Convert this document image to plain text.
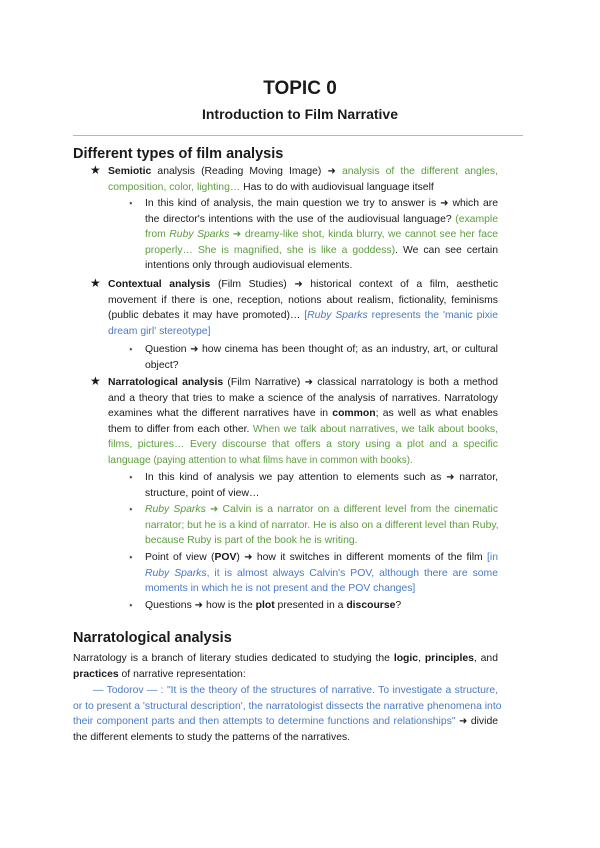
TOPIC 0
Introduction to Film Narrative
Different types of film analysis
★ Semiotic analysis (Reading Moving Image) ➜ analysis of the different angles,
composition, color, lighting… Has to do with audiovisual language itself
⋆ In this kind of analysis, the main question we try to answer is ➜ which are
the director's intentions with the use of the audiovisual language? (example
from Ruby Sparks ➜ dreamy-like shot, kinda blurry, we cannot see her face
properly… She is magnified, she is like a goddess). We can see certain
intentions only through audiovisual elements.
★ Contextual analysis (Film Studies) ➜ historical context of a film, aesthetic
movement if there is one, reception, notions about realism, fictionality, feminisms
(public debates it may have promoted)… [Ruby Sparks represents the 'manic pixie
dream girl' stereotype]
⋆ Question ➜ how cinema has been thought of; as an industry, art, or cultural
object?
★ Narratological analysis (Film Narrative) ➜ classical narratology is both a method
and a theory that tries to make a science of the analysis of narratives. Narratology
examines what the different narratives have in common; as well as what enables
them to differ from each other. When we talk about narratives, we talk about books,
films, pictures… Every discourse that offers a story using a plot and a specific
language (paying attention to what films have in common with books).
⋆ In this kind of analysis we pay attention to elements such as ➜ narrator,
structure, point of view…
⋆ Ruby Sparks ➜ Calvin is a narrator on a different level from the cinematic
narrator; but he is a kind of narrator. He is also on a different level than Ruby,
because Ruby is part of the book he is writing.
⋆ Point of view (POV) ➜ how it switches in different moments of the film [in
Ruby Sparks, it is almost always Calvin's POV, although there are some
moments in which he is not present and the POV changes]
⋆ Questions ➜ how is the plot presented in a discourse?
Narratological analysis
Narratology is a branch of literary studies dedicated to studying the logic, principles, and
practices of narrative representation:
— Todorov — : "It is the theory of the structures of narrative. To investigate a structure,
or to present a 'structural description', the narratologist dissects the narrative phenomena into
their component parts and then attempts to determine functions and relationships" ➜ divide
the different elements to study the patterns of the narratives.
